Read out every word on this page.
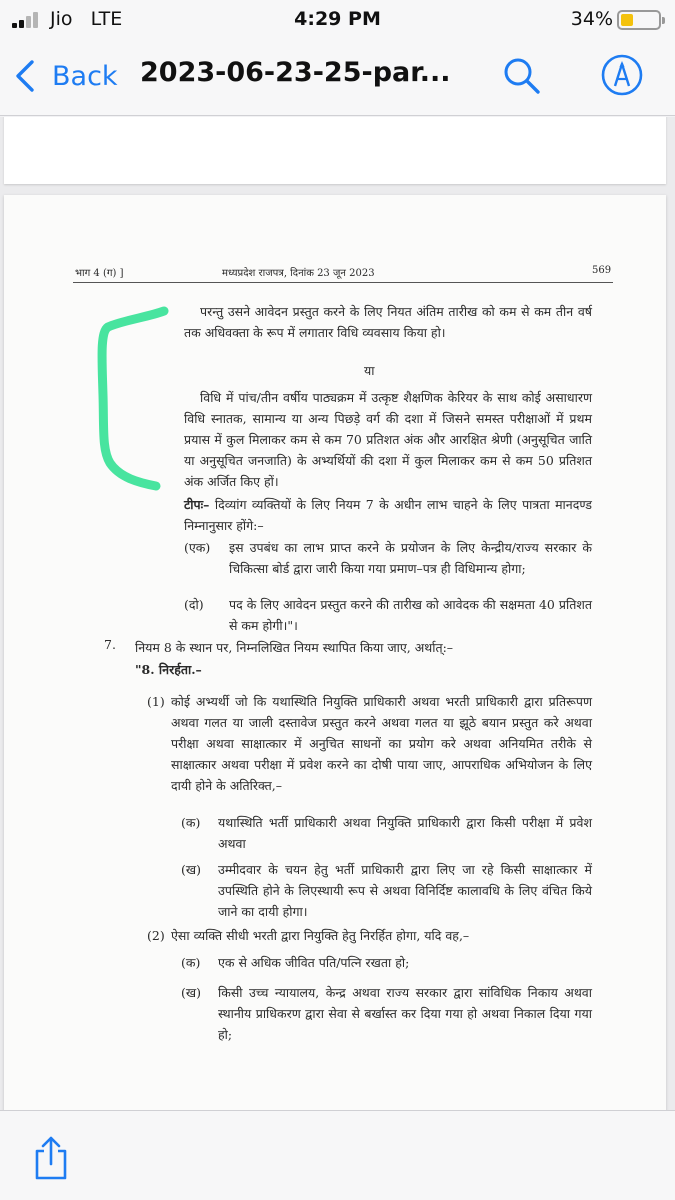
Jio LTE	4:29 PM	34%
Back 2023-06-23-25-par...
भाग 4 (ग) ]	मध्यप्रदेश राजपत्र, दिनांक 23 जून 2023	569
परन्तु उसने आवेदन प्रस्तुत करने के लिए नियत अंतिम तारीख को कम से कम तीन वर्ष तक अधिवक्ता के रूप में लगातार विधि व्यवसाय किया हो।
या
विधि में पांच/तीन वर्षीय पाठ्यक्रम में उत्कृष्ट शैक्षणिक केरियर के साथ कोई असाधारण विधि स्नातक, सामान्य या अन्य पिछड़े वर्ग की दशा में जिसने समस्त परीक्षाओं में प्रथम प्रयास में कुल मिलाकर कम से कम 70 प्रतिशत अंक और आरक्षित श्रेणी (अनुसूचित जाति या अनुसूचित जनजाति) के अभ्यर्थियों की दशा में कुल मिलाकर कम से कम 50 प्रतिशत अंक अर्जित किए हों।
टीपः– दिव्यांग व्यक्तियों के लिए नियम 7 के अधीन लाभ चाहने के लिए पात्रता मानदण्ड निम्नानुसार होंगे:–
(एक) इस उपबंध का लाभ प्राप्त करने के प्रयोजन के लिए केन्द्रीय/राज्य सरकार के चिकित्सा बोर्ड द्वारा जारी किया गया प्रमाण–पत्र ही विधिमान्य होगा;
(दो) पद के लिए आवेदन प्रस्तुत करने की तारीख को आवेदक की सक्षमता 40 प्रतिशत से कम होगी।"।
7. नियम 8 के स्थान पर, निम्नलिखित नियम स्थापित किया जाए, अर्थात्:–
"8. निरर्हता.–
(1) कोई अभ्यर्थी जो कि यथास्थिति नियुक्ति प्राधिकारी अथवा भरती प्राधिकारी द्वारा प्रतिरूपण अथवा गलत या जाली दस्तावेज प्रस्तुत करने अथवा गलत या झूठे बयान प्रस्तुत करे अथवा परीक्षा अथवा साक्षात्कार में अनुचित साधनों का प्रयोग करे अथवा अनियमित तरीके से साक्षात्कार अथवा परीक्षा में प्रवेश करने का दोषी पाया जाए, आपराधिक अभियोजन के लिए दायी होने के अतिरिक्त,–
(क) यथास्थिति भर्ती प्राधिकारी अथवा नियुक्ति प्राधिकारी द्वारा किसी परीक्षा में प्रवेश अथवा
(ख) उम्मीदवार के चयन हेतु भर्ती प्राधिकारी द्वारा लिए जा रहे किसी साक्षात्कार में उपस्थिति होने के लिएस्थायी रूप से अथवा विनिर्दिष्ट कालावधि के लिए वंचित किये जाने का दायी होगा।
(2) ऐसा व्यक्ति सीधी भरती द्वारा नियुक्ति हेतु निरर्हित होगा, यदि वह,–
(क) एक से अधिक जीवित पति/पत्नि रखता हो;
(ख) किसी उच्च न्यायालय, केन्द्र अथवा राज्य सरकार द्वारा सांविधिक निकाय अथवा स्थानीय प्राधिकरण द्वारा सेवा से बर्खास्त कर दिया गया हो अथवा निकाल दिया गया हो;
